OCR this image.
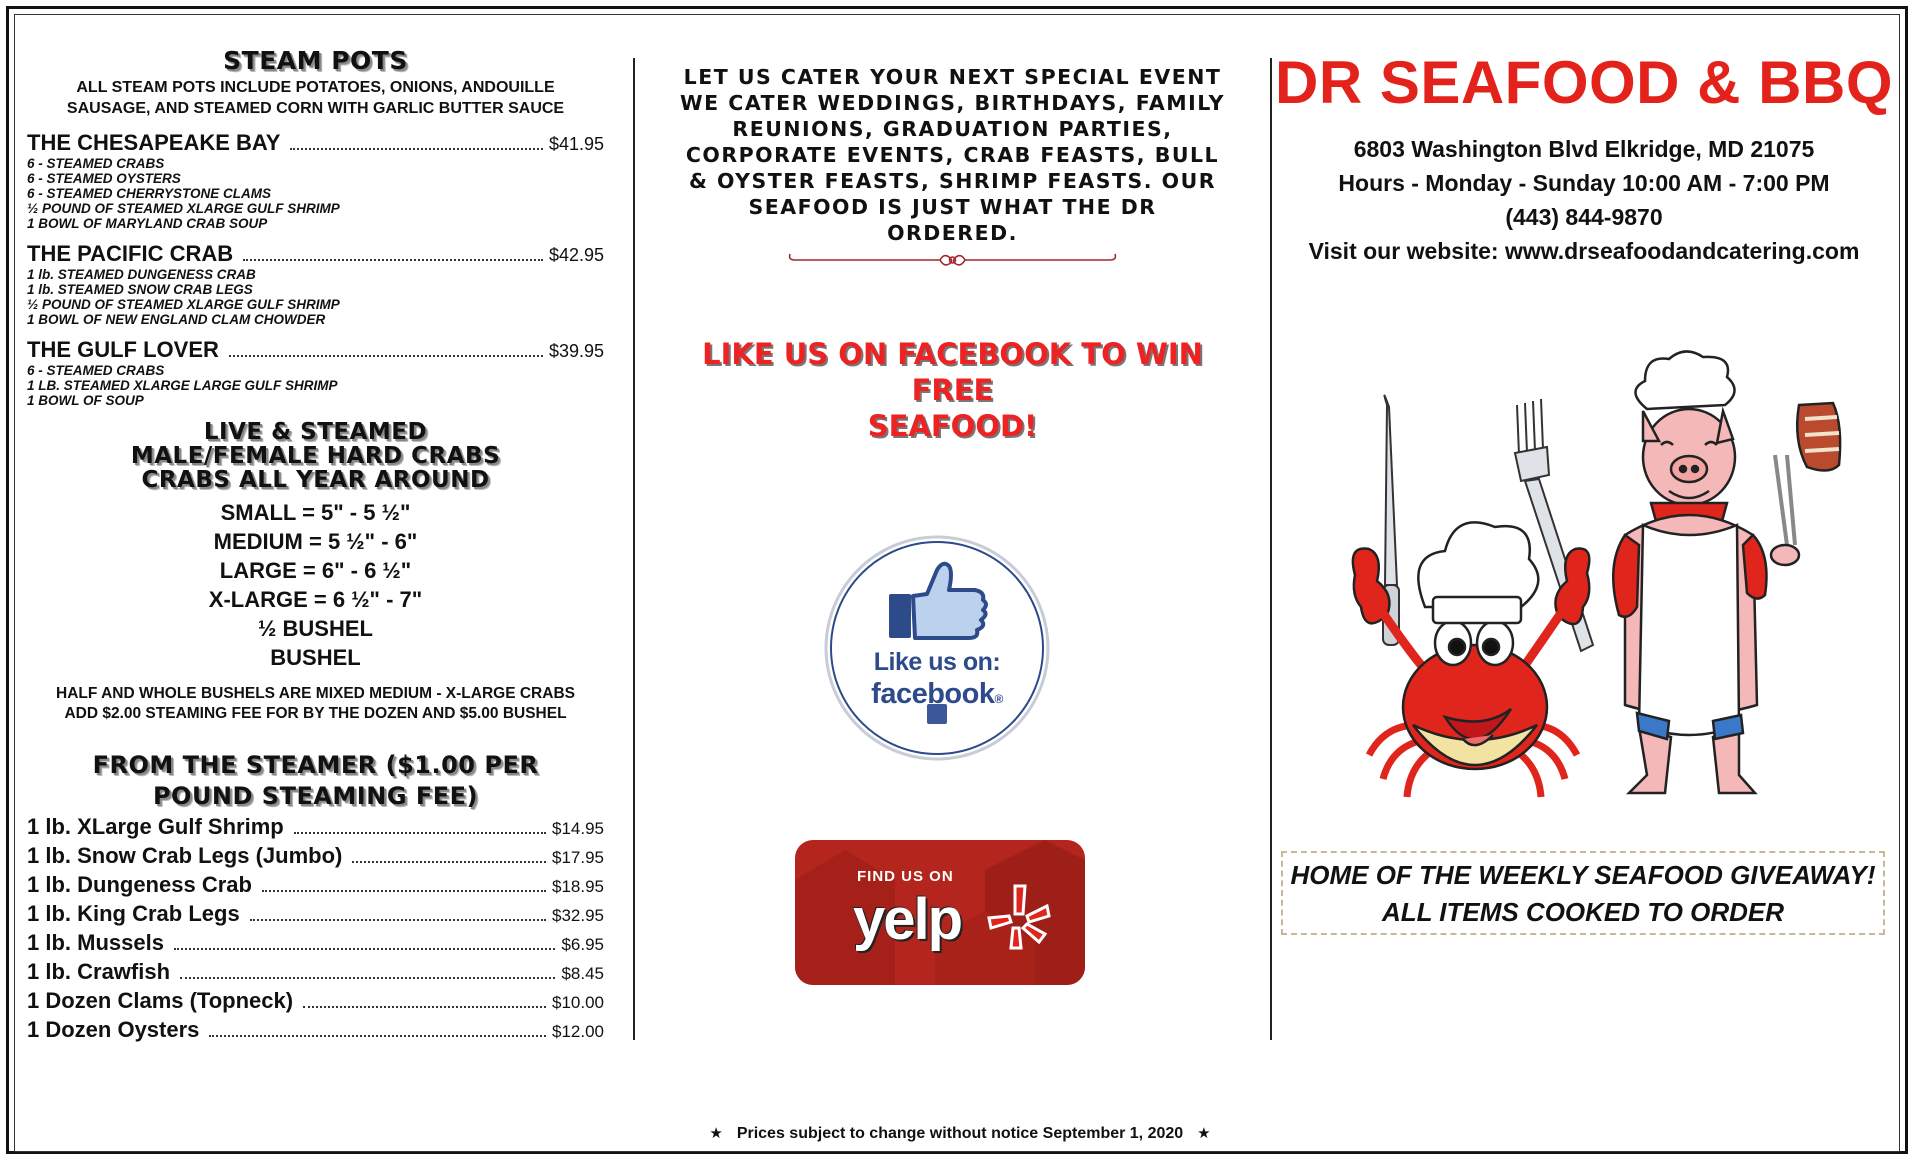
STEAM POTS
ALL STEAM POTS INCLUDE POTATOES, ONIONS, ANDOUILLE SAUSAGE, AND STEAMED CORN WITH GARLIC BUTTER SAUCE
THE CHESAPEAKE BAY	$41.95
6 - STEAMED CRABS
6 - STEAMED OYSTERS
6 - STEAMED CHERRYSTONE CLAMS
½ POUND OF STEAMED XLARGE GULF SHRIMP
1 BOWL OF MARYLAND CRAB SOUP
THE PACIFIC CRAB	$42.95
1 lb. STEAMED DUNGENESS CRAB
1 lb. STEAMED SNOW CRAB LEGS
½ POUND OF STEAMED XLARGE GULF SHRIMP
1 BOWL OF NEW ENGLAND CLAM CHOWDER
THE GULF LOVER	$39.95
6 - STEAMED CRABS
1 LB. STEAMED XLARGE LARGE GULF SHRIMP
1 BOWL OF SOUP
LIVE & STEAMED
MALE/FEMALE HARD CRABS
CRABS ALL YEAR AROUND
SMALL = 5" - 5 ½"
MEDIUM = 5 ½" - 6"
LARGE = 6" - 6 ½"
X-LARGE = 6 ½" - 7"
½ BUSHEL
BUSHEL
HALF AND WHOLE BUSHELS ARE MIXED MEDIUM - X-LARGE CRABS
ADD $2.00 STEAMING FEE FOR BY THE DOZEN AND $5.00 BUSHEL
FROM THE STEAMER ($1.00 PER
POUND STEAMING FEE)
1 lb. XLarge Gulf Shrimp	$14.95
1 lb. Snow Crab Legs (Jumbo)	$17.95
1 lb. Dungeness Crab	$18.95
1 lb. King Crab Legs	$32.95
1 lb. Mussels	$6.95
1 lb. Crawfish	$8.45
1 Dozen Clams (Topneck)	$10.00
1 Dozen Oysters	$12.00
LET US CATER YOUR NEXT SPECIAL EVENT
WE CATER WEDDINGS, BIRTHDAYS, FAMILY
REUNIONS, GRADUATION PARTIES,
CORPORATE EVENTS, CRAB FEASTS, BULL
& OYSTER FEASTS, SHRIMP FEASTS. OUR
SEAFOOD IS JUST WHAT THE DR
ORDERED.
LIKE US ON FACEBOOK TO WIN FREE
SEAFOOD!
Like us on:
facebook®
f
FIND US ON
yelp
DR SEAFOOD & BBQ
6803 Washington Blvd Elkridge, MD 21075
Hours - Monday - Sunday 10:00 AM - 7:00 PM
(443) 844-9870
Visit our website: www.drseafoodandcatering.com
HOME OF THE WEEKLY SEAFOOD GIVEAWAY!
ALL ITEMS COOKED TO ORDER
★ Prices subject to change without notice September 1, 2020 ★
